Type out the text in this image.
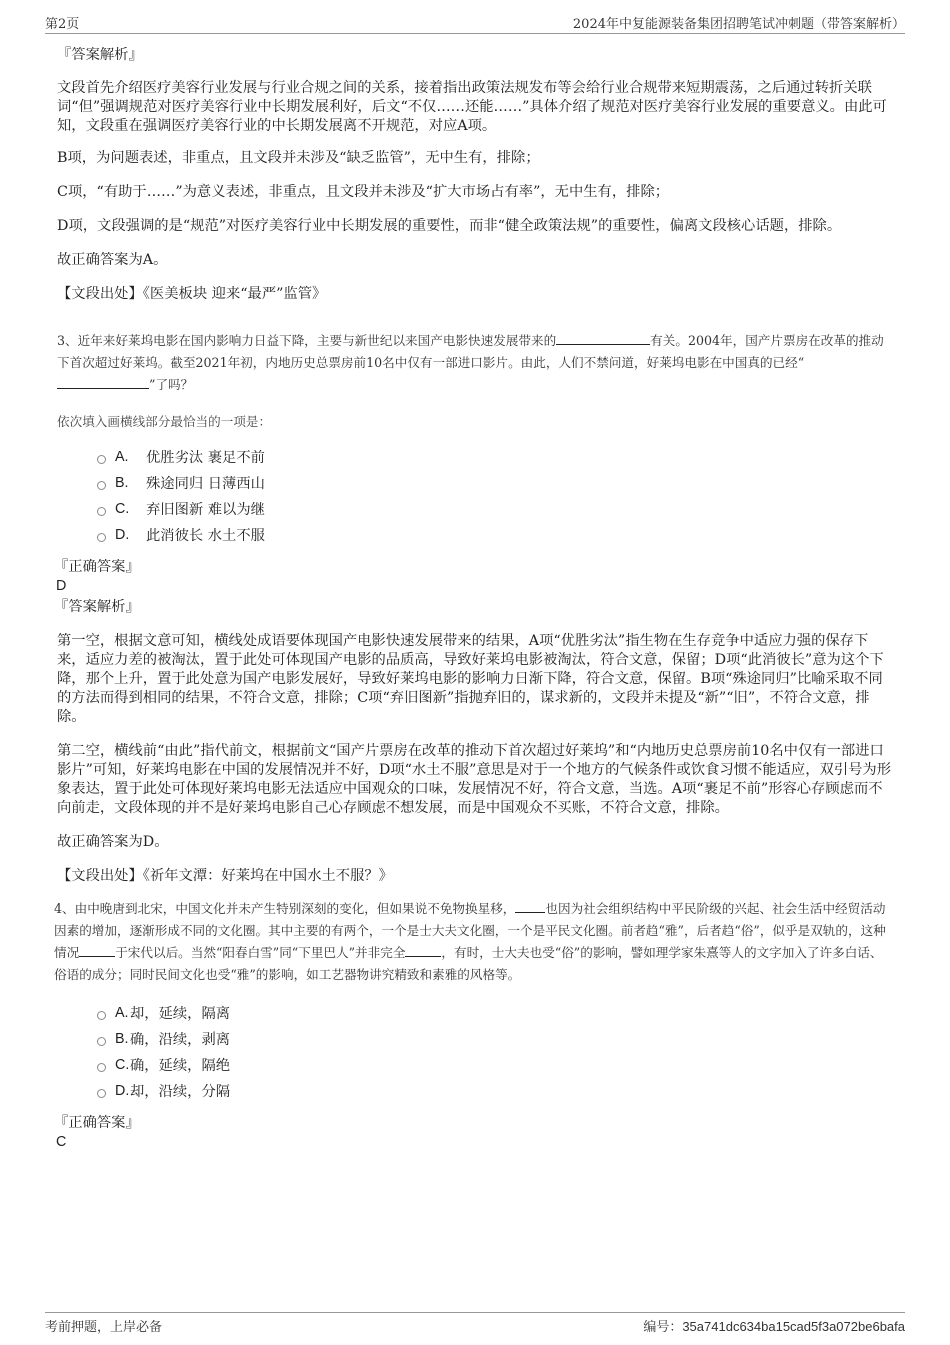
第2页	2024年中复能源装备集团招聘笔试冲刺题（带答案解析）
『答案解析』

文段首先介绍医疗美容行业发展与行业合规之间的关系，接着指出政策法规发布等会给行业合规带来短期震荡，之后通过转折关联词“但”强调规范对医疗美容行业中长期发展利好，后文“不仅……还能……”具体介绍了规范对医疗美容行业发展的重要意义。由此可知，文段重在强调医疗美容行业的中长期发展离不开规范，对应A项。

B项，为问题表述，非重点，且文段并未涉及“缺乏监管”，无中生有，排除；

C项，“有助于……”为意义表述，非重点，且文段并未涉及“扩大市场占有率”，无中生有，排除；

D项，文段强调的是“规范”对医疗美容行业中长期发展的重要性，而非“健全政策法规”的重要性，偏离文段核心话题，排除。

故正确答案为A。

【文段出处】《医美板块 迎来“最严”监管》

3、近年来好莱坞电影在国内影响力日益下降，主要与新世纪以来国产电影快速发展带来的	有关。2004年，国产片票房在改革的推动下首次超过好莱坞。截至2021年初，内地历史总票房前10名中仅有一部进口影片。由此，人们不禁问道，好莱坞电影在中国真的已经“”了吗？

依次填入画横线部分最恰当的一项是：

A.	优胜劣汰 裹足不前
B.	殊途同归 日薄西山
C.	弃旧图新 难以为继
D.	此消彼长 水土不服
『正确答案』
D
『答案解析』

第一空，根据文意可知，横线处成语要体现国产电影快速发展带来的结果，A项“优胜劣汰”指生物在生存竞争中适应力强的保存下来，适应力差的被淘汰，置于此处可体现国产电影的品质高，导致好莱坞电影被淘汰，符合文意，保留；D项“此消彼长”意为这个下降，那个上升，置于此处意为国产电影发展好，导致好莱坞电影的影响力日渐下降，符合文意，保留。B项“殊途同归”比喻采取不同的方法而得到相同的结果，不符合文意，排除；C项“弃旧图新”指抛弃旧的，谋求新的，文段并未提及“新”“旧”，不符合文意，排除。

第二空，横线前“由此”指代前文，根据前文“国产片票房在改革的推动下首次超过好莱坞”和“内地历史总票房前10名中仅有一部进口影片”可知，好莱坞电影在中国的发展情况并不好，D项“水土不服”意思是对于一个地方的气候条件或饮食习惯不能适应，双引号为形象表达，置于此处可体现好莱坞电影无法适应中国观众的口味，发展情况不好，符合文意，当选。A项“裹足不前”形容心存顾虑而不向前走，文段体现的并不是好莱坞电影自己心存顾虑不想发展，而是中国观众不买账，不符合文意，排除。

故正确答案为D。

【文段出处】《祈年文潭：好莱坞在中国水土不服？》

4、由中晚唐到北宋，中国文化并未产生特别深刻的变化，但如果说不免物换星移， 也因为社会组织结构中平民阶级的兴起、社会生活中经贸活动因素的增加，逐渐形成不同的文化圈。其中主要的有两个，一个是士大夫文化圈，一个是平民文化圈。前者趋“雅”，后者趋“俗”，似乎是双轨的，这种情况	于宋代以后。当然“阳春白雪”同“下里巴人”并非完全	，有时，士大夫也受“俗”的影响，譬如理学家朱熹等人的文字加入了许多白话、俗语的成分；同时民间文化也受“雅”的影响，如工艺器物讲究精致和素雅的风格等。
A. 却，延续，隔离
B. 确，沿续，剥离
C. 确，延续，隔绝
D. 却，沿续，分隔
『正确答案』
C
考前押题，上岸必备	编号：35a741dc634ba15cad5f3a072be6bafa
